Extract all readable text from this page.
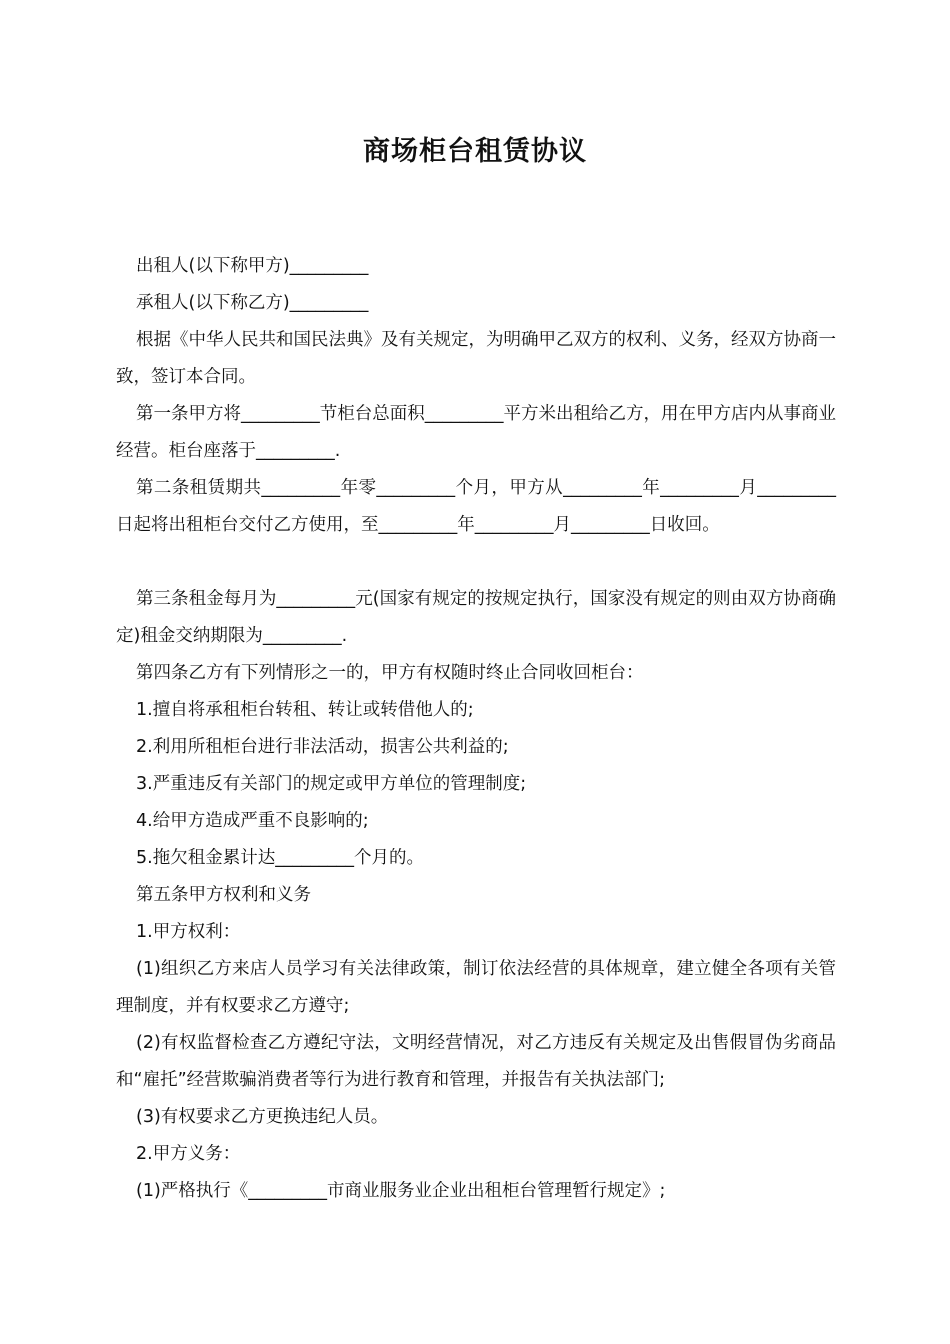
商场柜台租赁协议

出租人(以下称甲方)_________

承租人(以下称乙方)_________

根据《中华人民共和国民法典》及有关规定，为明确甲乙双方的权利、义务，经双方协商一致，签订本合同。

第一条甲方将_________节柜台总面积_________平方米出租给乙方，用在甲方店内从事商业经营。柜台座落于_________.

第二条租赁期共_________年零_________个月，甲方从_________年_________月_________日起将出租柜台交付乙方使用，至_________年_________月_________日收回。

第三条租金每月为_________元(国家有规定的按规定执行，国家没有规定的则由双方协商确定)租金交纳期限为_________.

第四条乙方有下列情形之一的，甲方有权随时终止合同收回柜台：

1.擅自将承租柜台转租、转让或转借他人的;

2.利用所租柜台进行非法活动，损害公共利益的;

3.严重违反有关部门的规定或甲方单位的管理制度;

4.给甲方造成严重不良影响的;

5.拖欠租金累计达_________个月的。

第五条甲方权利和义务

1.甲方权利：

(1)组织乙方来店人员学习有关法律政策，制订依法经营的具体规章，建立健全各项有关管理制度，并有权要求乙方遵守;

(2)有权监督检查乙方遵纪守法，文明经营情况，对乙方违反有关规定及出售假冒伪劣商品和“雇托”经营欺骗消费者等行为进行教育和管理，并报告有关执法部门;

(3)有权要求乙方更换违纪人员。

2.甲方义务：

(1)严格执行《_________市商业服务业企业出租柜台管理暂行规定》;
